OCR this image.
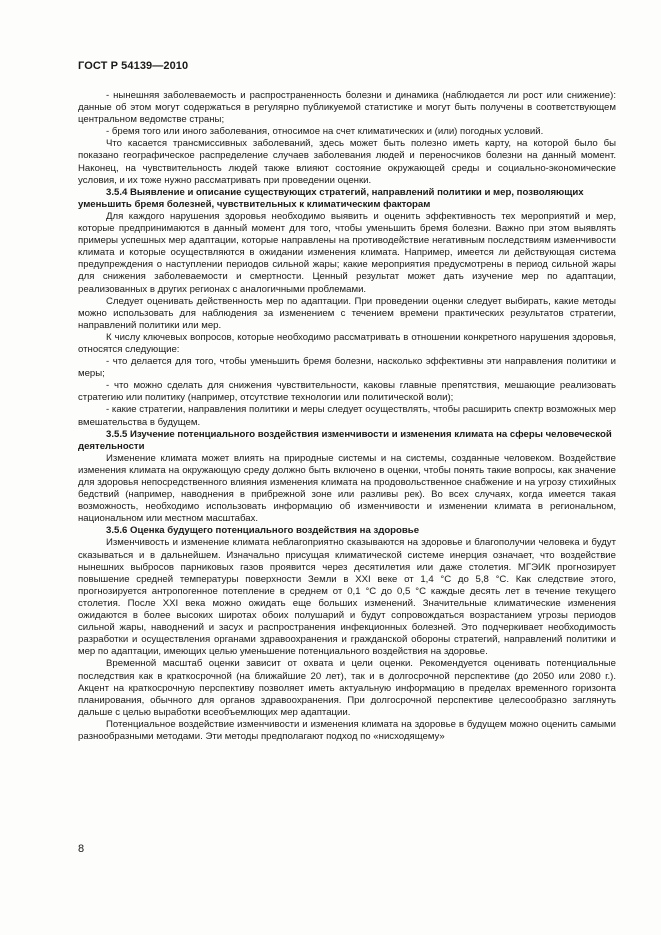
ГОСТ Р 54139—2010

- нынешняя заболеваемость и распространенность болезни и динамика (наблюдается ли рост или снижение): данные об этом могут содержаться в регулярно публикуемой статистике и могут быть получены в соответствующем центральном ведомстве страны;

- бремя того или иного заболевания, относимое на счет климатических и (или) погодных условий.

Что касается трансмиссивных заболеваний, здесь может быть полезно иметь карту, на которой было бы показано географическое распределение случаев заболевания людей и переносчиков болезни на данный момент. Наконец, на чувствительность людей также влияют состояние окружающей среды и социально-экономические условия, и их тоже нужно рассматривать при проведении оценки.

3.5.4 Выявление и описание существующих стратегий, направлений политики и мер, позволяющих уменьшить бремя болезней, чувствительных к климатическим факторам

Для каждого нарушения здоровья необходимо выявить и оценить эффективность тех мероприятий и мер, которые предпринимаются в данный момент для того, чтобы уменьшить бремя болезни. Важно при этом выявлять примеры успешных мер адаптации, которые направлены на противодействие негативным последствиям изменчивости климата и которые осуществляются в ожидании изменения климата. Например, имеется ли действующая система предупреждения о наступлении периодов сильной жары; какие мероприятия предусмотрены в период сильной жары для снижения заболеваемости и смертности. Ценный результат может дать изучение мер по адаптации, реализованных в других регионах с аналогичными проблемами.

Следует оценивать действенность мер по адаптации. При проведении оценки следует выбирать, какие методы можно использовать для наблюдения за изменением с течением времени практических результатов стратегии, направлений политики или мер.

К числу ключевых вопросов, которые необходимо рассматривать в отношении конкретного нарушения здоровья, относятся следующие:

- что делается для того, чтобы уменьшить бремя болезни, насколько эффективны эти направления политики и меры;

- что можно сделать для снижения чувствительности, каковы главные препятствия, мешающие реализовать стратегию или политику (например, отсутствие технологии или политической воли);

- какие стратегии, направления политики и меры следует осуществлять, чтобы расширить спектр возможных мер вмешательства в будущем.

3.5.5 Изучение потенциального воздействия изменчивости и изменения климата на сферы человеческой деятельности

Изменение климата может влиять на природные системы и на системы, созданные человеком. Воздействие изменения климата на окружающую среду должно быть включено в оценки, чтобы понять такие вопросы, как значение для здоровья непосредственного влияния изменения климата на продовольственное снабжение и на угрозу стихийных бедствий (например, наводнения в прибрежной зоне или разливы рек). Во всех случаях, когда имеется такая возможность, необходимо использовать информацию об изменчивости и изменении климата в региональном, национальном или местном масштабах.

3.5.6 Оценка будущего потенциального воздействия на здоровье

Изменчивость и изменение климата неблагоприятно сказываются на здоровье и благополучии человека и будут сказываться и в дальнейшем. Изначально присущая климатической системе инерция означает, что воздействие нынешних выбросов парниковых газов проявится через десятилетия или даже столетия. МГЭИК прогнозирует повышение средней температуры поверхности Земли в XXI веке от 1,4 °С до 5,8 °С. Как следствие этого, прогнозируется антропогенное потепление в среднем от 0,1 °С до 0,5 °С каждые десять лет в течение текущего столетия. После XXI века можно ожидать еще больших изменений. Значительные климатические изменения ожидаются в более высоких широтах обоих полушарий и будут сопровождаться возрастанием угрозы периодов сильной жары, наводнений и засух и распространения инфекционных болезней. Это подчеркивает необходимость разработки и осуществления органами здравоохранения и гражданской обороны стратегий, направлений политики и мер по адаптации, имеющих целью уменьшение потенциального воздействия на здоровье.

Временной масштаб оценки зависит от охвата и цели оценки. Рекомендуется оценивать потенциальные последствия как в краткосрочной (на ближайшие 20 лет), так и в долгосрочной перспективе (до 2050 или 2080 г.). Акцент на краткосрочную перспективу позволяет иметь актуальную информацию в пределах временного горизонта планирования, обычного для органов здравоохранения. При долгосрочной перспективе целесообразно заглянуть дальше с целью выработки всеобъемлющих мер адаптации.

Потенциальное воздействие изменчивости и изменения климата на здоровье в будущем можно оценить самыми разнообразными методами. Эти методы предполагают подход по «нисходящему»

8
